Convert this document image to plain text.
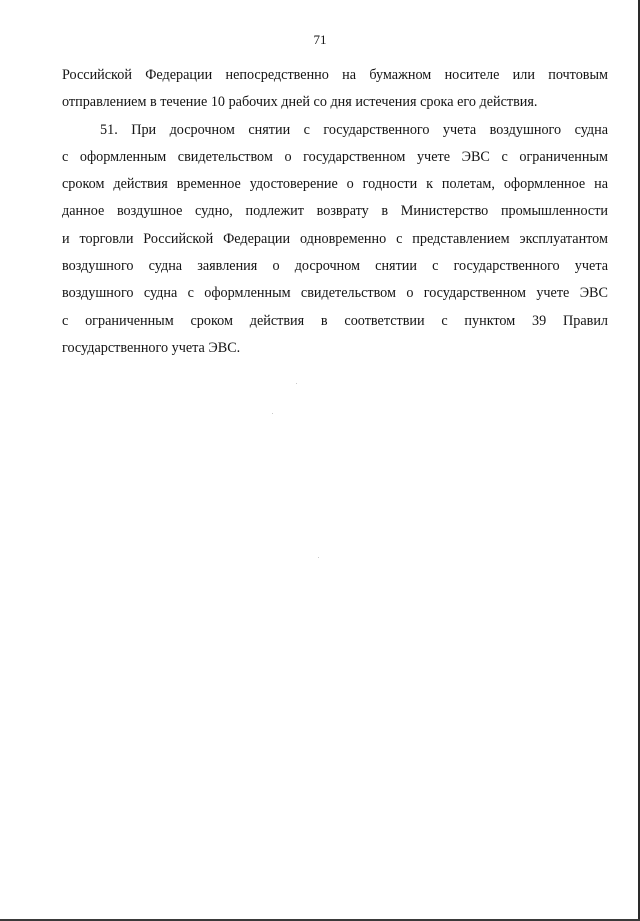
71

Российской Федерации непосредственно на бумажном носителе или почтовым
отправлением в течение 10 рабочих дней со дня истечения срока его действия.

51. При досрочном снятии с государственного учета воздушного судна
с оформленным свидетельством о государственном учете ЭВС с ограниченным
сроком действия временное удостоверение о годности к полетам, оформленное на
данное воздушное судно, подлежит возврату в Министерство промышленности
и торговли Российской Федерации одновременно с представлением эксплуатантом
воздушного судна заявления о досрочном снятии с государственного учета
воздушного судна с оформленным свидетельством о государственном учете ЭВС
с ограниченным сроком действия в соответствии с пунктом 39 Правил
государственного учета ЭВС.
